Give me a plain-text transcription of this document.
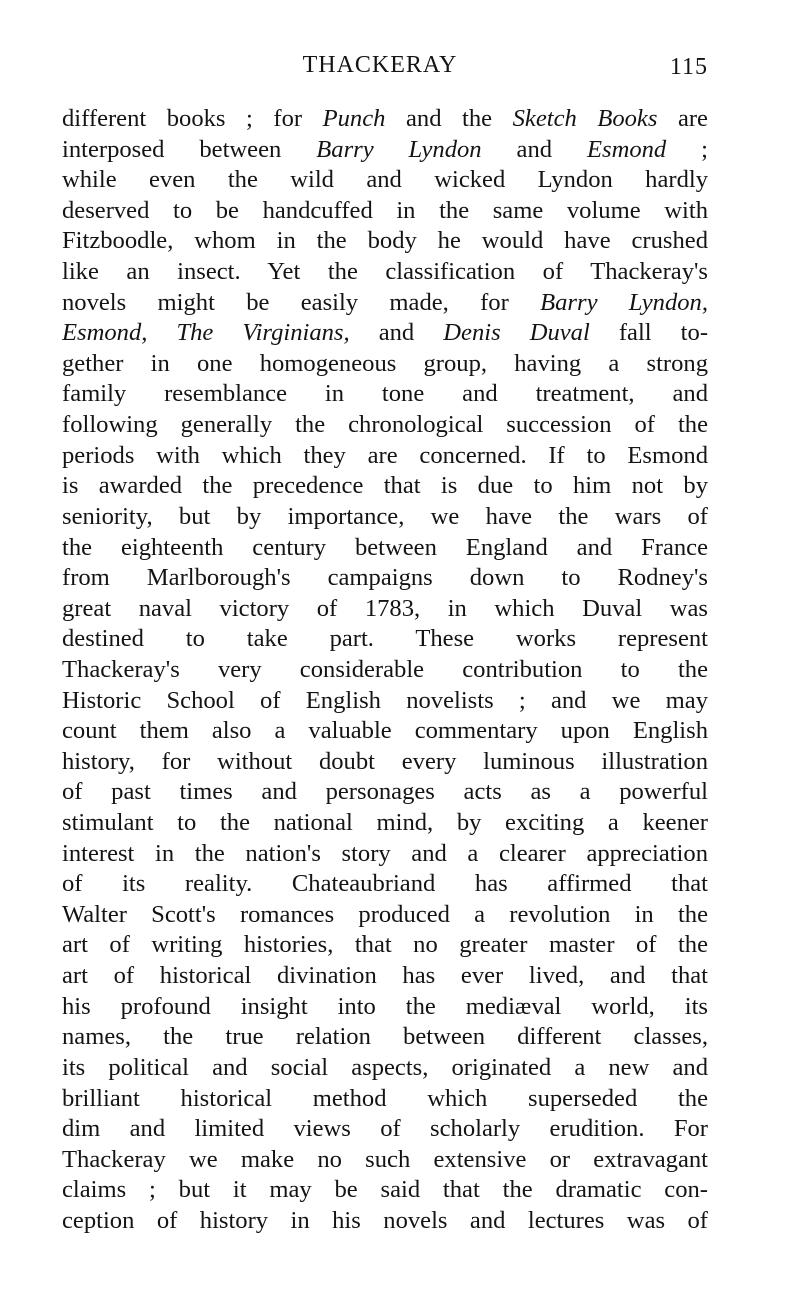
THACKERAY	115
different books ; for Punch and the Sketch Books are
interposed between Barry Lyndon and Esmond ;
while even the wild and wicked Lyndon hardly
deserved to be handcuffed in the same volume with
Fitzboodle, whom in the body he would have crushed
like an insect. Yet the classification of Thackeray's
novels might be easily made, for Barry Lyndon,
Esmond, The Virginians, and Denis Duval fall to-
gether in one homogeneous group, having a strong
family resemblance in tone and treatment, and
following generally the chronological succession of the
periods with which they are concerned. If to Esmond
is awarded the precedence that is due to him not by
seniority, but by importance, we have the wars of
the eighteenth century between England and France
from Marlborough's campaigns down to Rodney's
great naval victory of 1783, in which Duval was
destined to take part. These works represent
Thackeray's very considerable contribution to the
Historic School of English novelists ; and we may
count them also a valuable commentary upon English
history, for without doubt every luminous illustration
of past times and personages acts as a powerful
stimulant to the national mind, by exciting a keener
interest in the nation's story and a clearer appreciation
of its reality. Chateaubriand has affirmed that
Walter Scott's romances produced a revolution in the
art of writing histories, that no greater master of the
art of historical divination has ever lived, and that
his profound insight into the mediæval world, its
names, the true relation between different classes,
its political and social aspects, originated a new and
brilliant historical method which superseded the
dim and limited views of scholarly erudition. For
Thackeray we make no such extensive or extravagant
claims ; but it may be said that the dramatic con-
ception of history in his novels and lectures was of
